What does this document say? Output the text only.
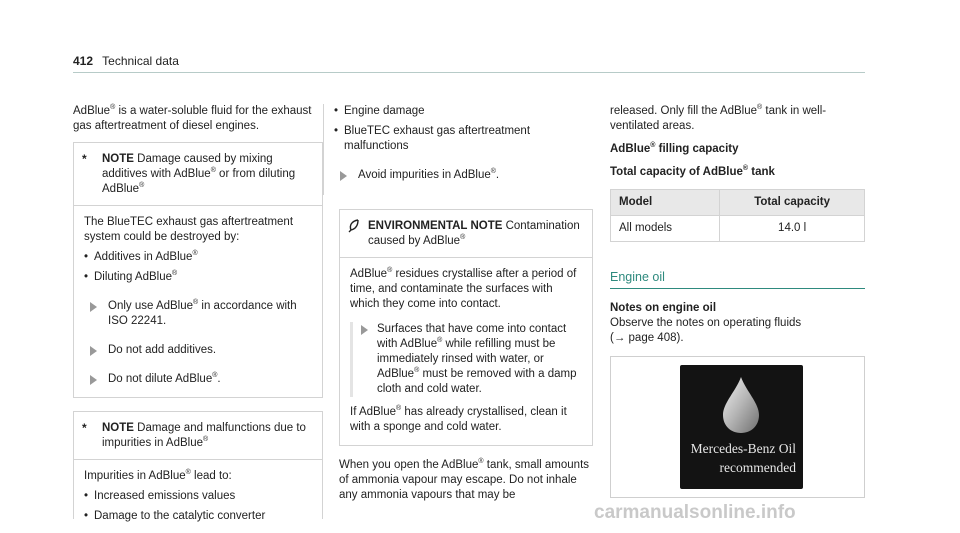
412 Technical data

AdBlue® is a water-soluble fluid for the exhaust gas aftertreatment of diesel engines.

*	NOTE Damage caused by mixing additives with AdBlue® or from diluting AdBlue®

The BlueTEC exhaust gas aftertreatment system could be destroyed by:

• Additives in AdBlue®
• Diluting AdBlue®
Only use AdBlue® in accordance with ISO 22241.
Do not add additives.
Do not dilute AdBlue®.
*	NOTE Damage and malfunctions due to impurities in AdBlue®

Impurities in AdBlue® lead to:

• Increased emissions values
• Damage to the catalytic converter
• Engine damage
• BlueTEC exhaust gas aftertreatment malfunctions
Avoid impurities in AdBlue®.

ENVIRONMENTAL NOTE Contamination caused by AdBlue®

AdBlue® residues crystallise after a period of time, and contaminate the surfaces with which they come into contact.

Surfaces that have come into contact with AdBlue® while refilling must be immediately rinsed with water, or AdBlue® must be removed with a damp cloth and cold water.

If AdBlue® has already crystallised, clean it with a sponge and cold water.

When you open the AdBlue® tank, small amounts of ammonia vapour may escape. Do not inhale any ammonia vapours that may be

released. Only fill the AdBlue® tank in well-ventilated areas.

AdBlue® filling capacity

Total capacity of AdBlue® tank

Model	Total capacity
All models	14.0 l
Engine oil

Notes on engine oil

Observe the notes on operating fluids

(→ page 408).

Mercedes-Benz Oil
recommended
carmanualsonline.info
